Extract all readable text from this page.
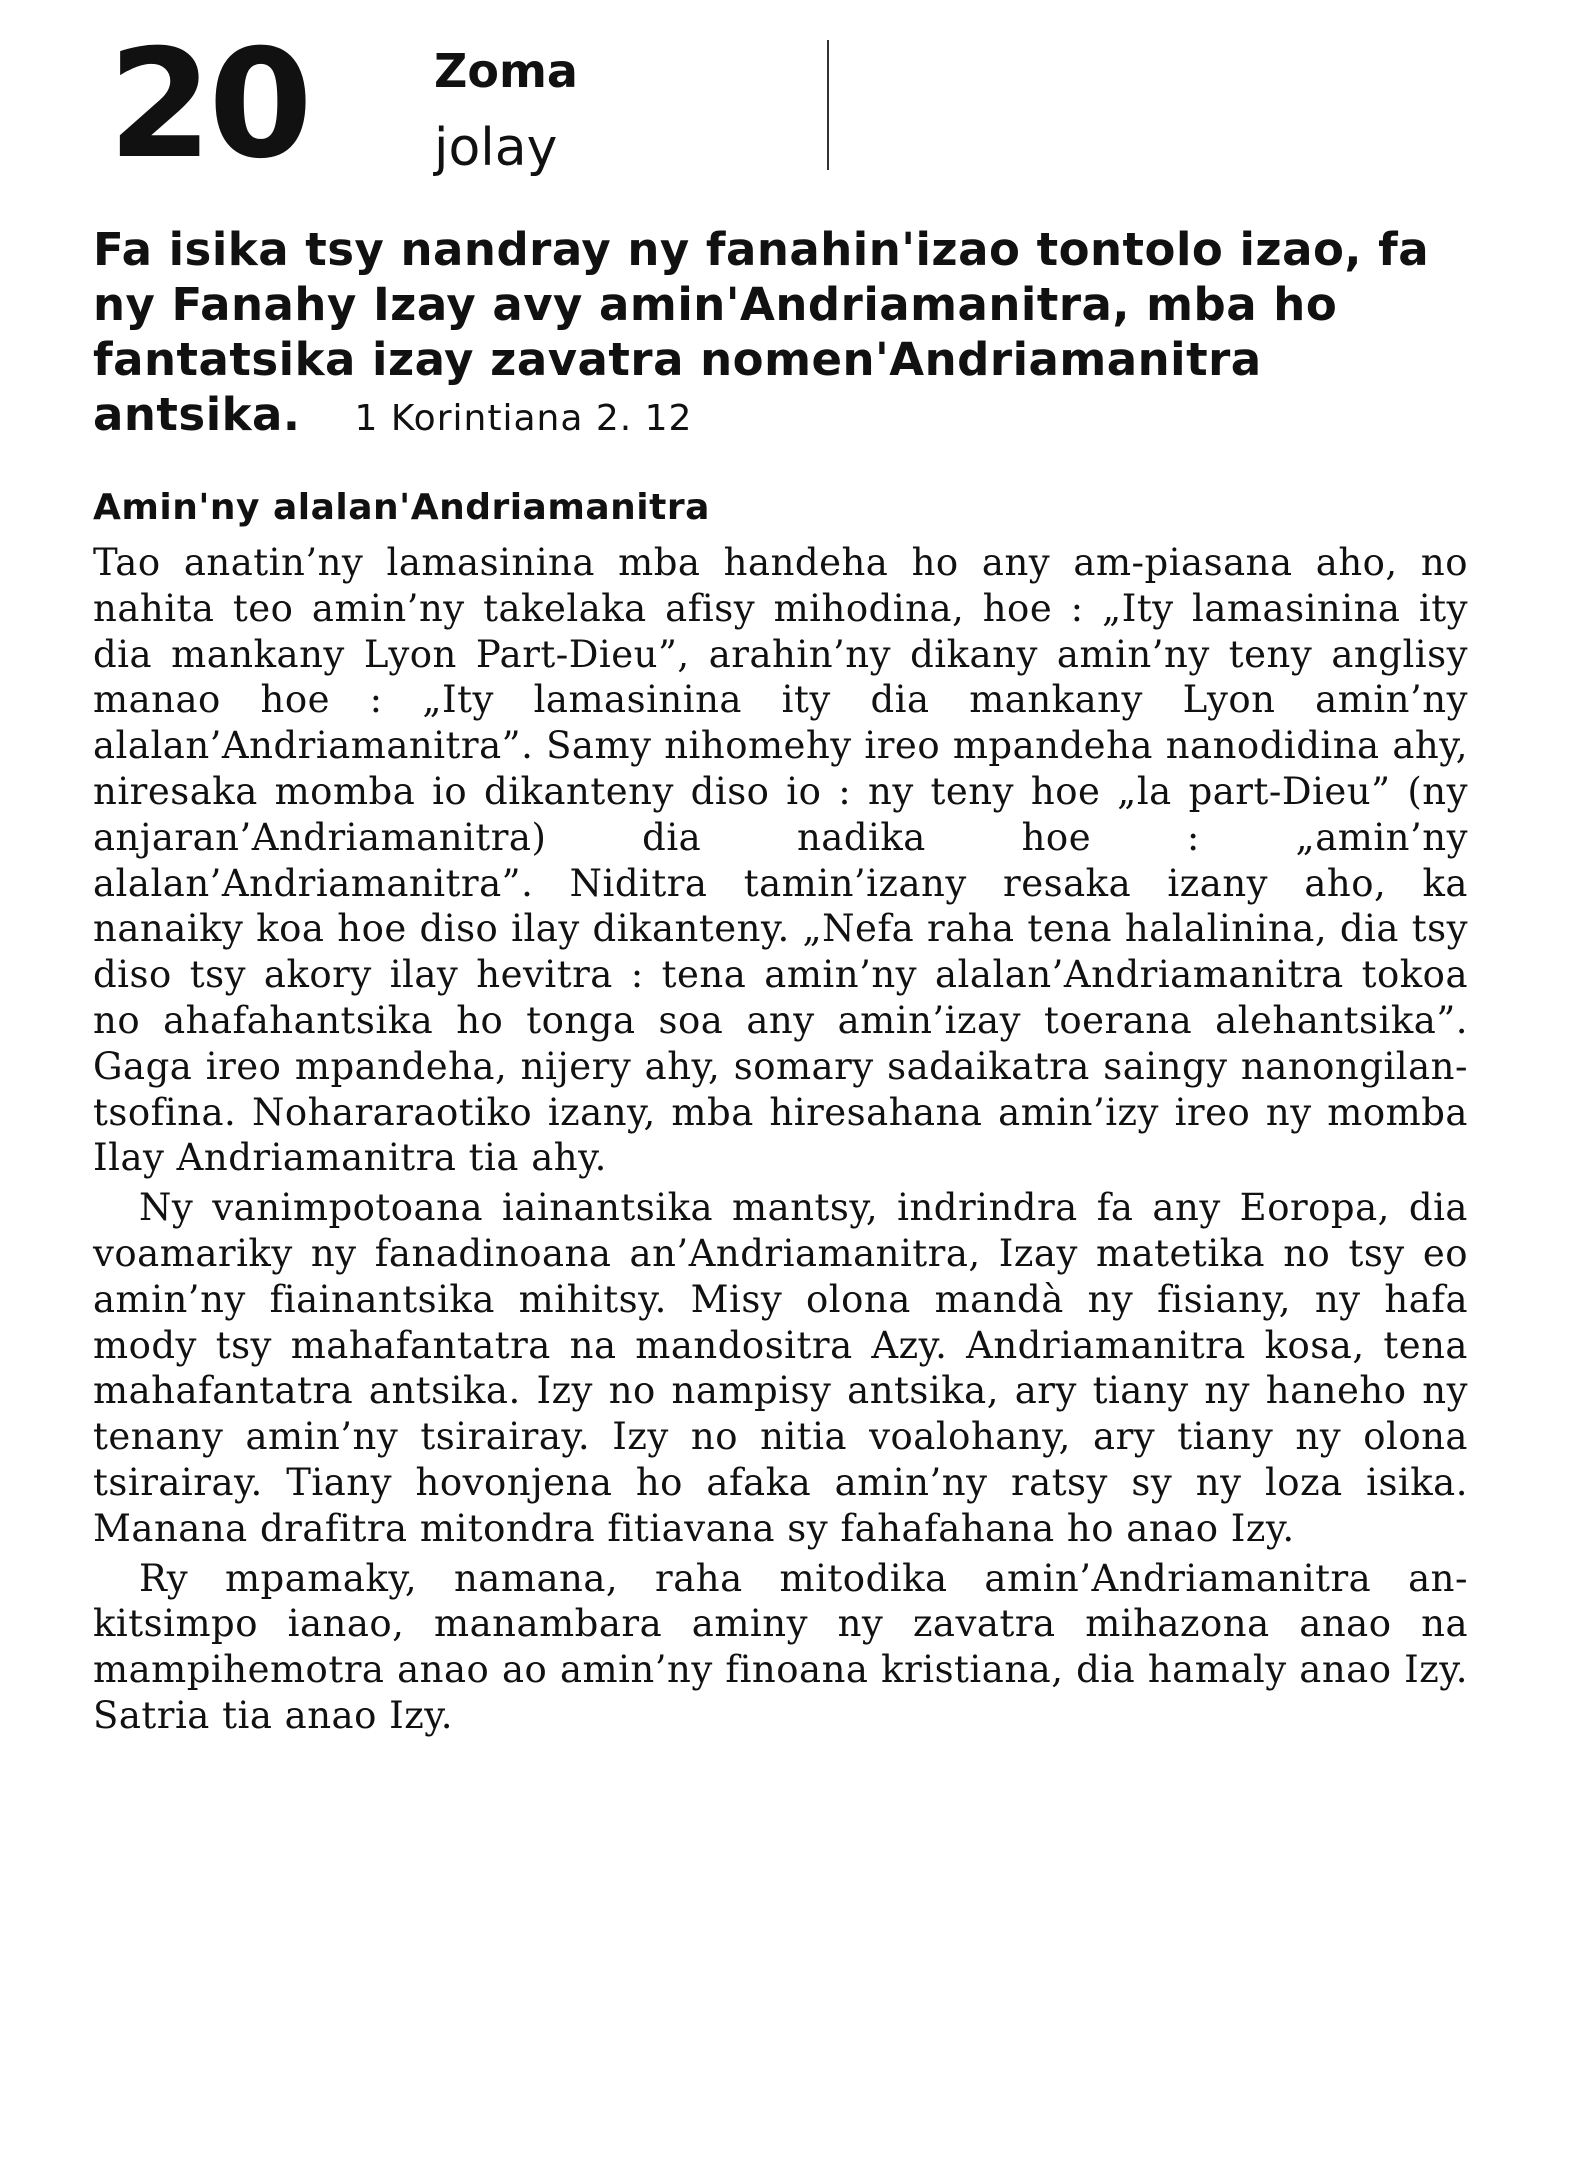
20	Zoma
jolay
Fa isika tsy nandray ny fanahin'izao tontolo izao, fa ny Fanahy Izay avy amin'Andriamanitra, mba ho fantatsika izay zavatra nomen'Andriamanitra antsika. 1 Korintiana 2. 12
Amin'ny alalan'Andriamanitra

Tao anatin’ny lamasinina mba handeha ho any am-piasana aho, no nahita teo amin’ny takelaka afisy mihodina, hoe : „Ity lamasinina ity dia mankany Lyon Part-Dieu”, arahin’ny dikany amin’ny teny anglisy manao hoe : „Ity lamasinina ity dia mankany Lyon amin’ny alalan’Andriamanitra”. Samy nihomehy ireo mpandeha nanodidina ahy, niresaka momba io dikanteny diso io : ny teny hoe „la part-Dieu” (ny anjaran’Andriamanitra) dia nadika hoe : „amin’ny alalan’Andriamanitra”. Niditra tamin’izany resaka izany aho, ka nanaiky koa hoe diso ilay dikanteny. „Nefa raha tena halalinina, dia tsy diso tsy akory ilay hevitra : tena amin’ny alalan’Andriamanitra tokoa no ahafahantsika ho tonga soa any amin’izay toerana alehantsika”. Gaga ireo mpandeha, nijery ahy, somary sadaikatra saingy nanongilan-tsofina. Nohararaotiko izany, mba hiresahana amin’izy ireo ny momba Ilay Andriamanitra tia ahy.

Ny vanimpotoana iainantsika mantsy, indrindra fa any Eoropa, dia voamariky ny fanadinoana an’Andriamanitra, Izay matetika no tsy eo amin’ny fiainantsika mihitsy. Misy olona mandà ny fisiany, ny hafa mody tsy mahafantatra na mandositra Azy. Andriamanitra kosa, tena mahafantatra antsika. Izy no nampisy antsika, ary tiany ny haneho ny tenany amin’ny tsirairay. Izy no nitia voalohany, ary tiany ny olona tsirairay. Tiany hovonjena ho afaka amin’ny ratsy sy ny loza isika. Manana drafitra mitondra fitiavana sy fahafahana ho anao Izy.

Ry mpamaky, namana, raha mitodika amin’Andriamanitra an-kitsimpo ianao, manambara aminy ny zavatra mihazona anao na mampihemotra anao ao amin’ny finoana kristiana, dia hamaly anao Izy. Satria tia anao Izy.
